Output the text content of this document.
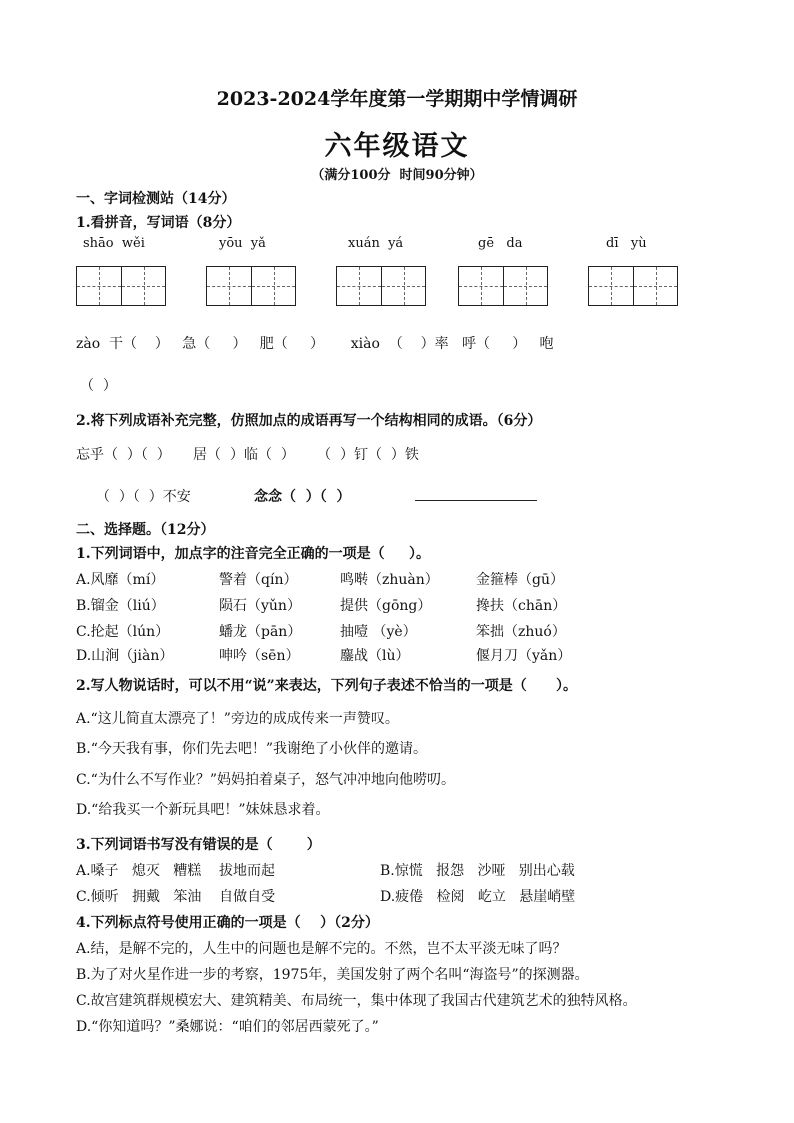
2023-2024学年度第一学期期中学情调研
六年级语文
（满分100分  时间90分钟）
一、字词检测站（14分）
1.看拼音，写词语（8分）
shāo  wěi	yōu  yǎ	xuán  yá	gē   da	dī   yù
zào  干（    ）   急（     ）   肥（     ）      xiào  （    ）率   呼（     ）   咆
（  ）
2.将下列成语补充完整，仿照加点的成语再写一个结构相同的成语。（6分）
忘乎（  ）（  ）     居（  ）临（  ）     （  ）钉（  ）铁
（  ）（  ）不安	念念（  ）（  ）
二、选择题。（12分）
1.下列词语中，加点字的注音完全正确的一项是（     ）。
A.风靡（mí）	警着（qín）	鸣啭（zhuàn）	金箍棒（gū）
B.镏金（liú）	陨石（yǔn）	提供（gōng）	搀扶（chān）
C.抡起（lún）	蟠龙（pān）	抽噎 （yè）	笨拙（zhuó）
D.山涧（jiàn）	呻吟（sēn）	鏖战（lù）	偃月刀（yǎn）
2.写人物说话时，可以不用“说”来表达，下列句子表述不恰当的一项是（      ）。
A.“这儿简直太漂亮了！”旁边的成成传来一声赞叹。
B.“今天我有事，你们先去吧！”我谢绝了小伙伴的邀请。
C.“为什么不写作业？”妈妈拍着桌子，怒气冲冲地向他唠叨。
D.“给我买一个新玩具吧！”妹妹恳求着。
3.下列词语书写没有错误的是（       ）
A.嗓子   熄灭   糟糕    拔地而起	B.惊慌   报怨   沙哑   别出心载
C.倾听   拥戴   笨油    自做自受	D.疲倦   检阅   屹立   悬崖峭壁
4.下列标点符号使用正确的一项是（    ）（2分）
A.结，是解不完的，人生中的问题也是解不完的。不然，岂不太平淡无味了吗？
B.为了对火星作进一步的考察，1975年，美国发射了两个名叫“海盗号”的探测器。
C.故宫建筑群规模宏大、建筑精美、布局统一，集中体现了我国古代建筑艺术的独特风格。
D.“你知道吗？”桑娜说：“咱们的邻居西蒙死了。”
